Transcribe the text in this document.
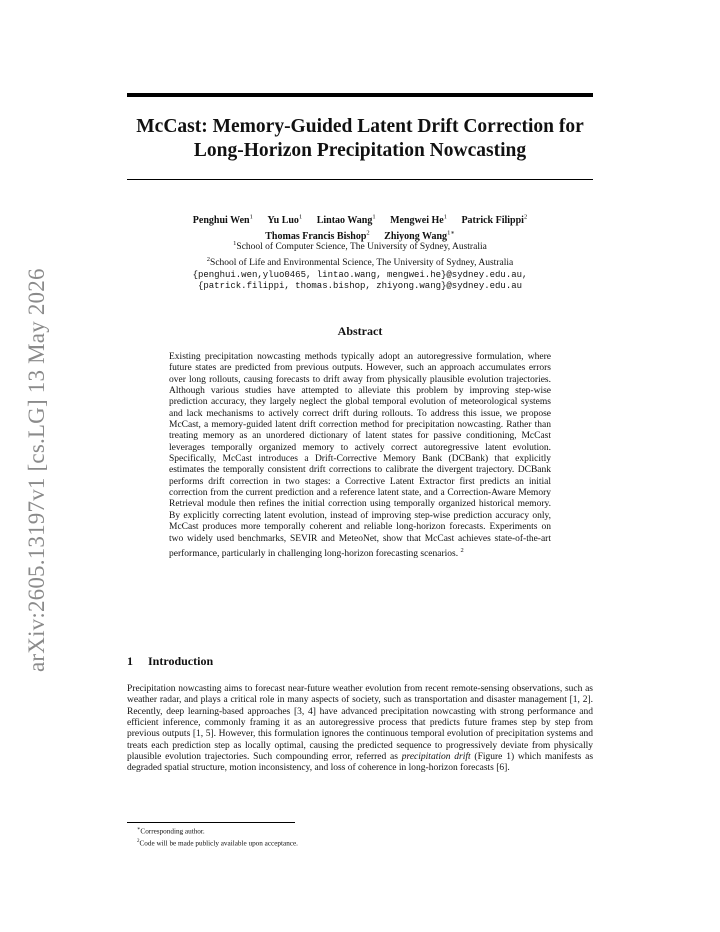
McCast: Memory-Guided Latent Drift Correction for
Long-Horizon Precipitation Nowcasting
arXiv:2605.13197v1 [cs.LG] 13 May 2026
Penghui Wen$^1$ Yu Luo$^1$ Lintao Wang$^1$ Mengwei He$^1$ Patrick Filippi$^2$
Thomas Francis Bishop$^2$ Zhiyong Wang$^{1∗}$
$^1$School of Computer Science, The University of Sydney, Australia
$^2$School of Life and Environmental Science, The University of Sydney, Australia
{penghui.wen,yluo0465, lintao.wang, mengwei.he}@sydney.edu.au,
{patrick.filippi, thomas.bishop, zhiyong.wang}@sydney.edu.au
Abstract

Existing precipitation nowcasting methods typically adopt an autoregressive formulation, where future states are predicted from previous outputs. However, such an approach accumulates errors over long rollouts, causing forecasts to drift away from physically plausible evolution trajectories. Although various studies have attempted to alleviate this problem by improving step-wise prediction accuracy, they largely neglect the global temporal evolution of meteorological systems and lack mechanisms to actively correct drift during rollouts. To address this issue, we propose McCast, a memory-guided latent drift correction method for precipitation nowcasting. Rather than treating memory as an unordered dictionary of latent states for passive conditioning, McCast leverages temporally organized memory to actively correct autoregressive latent evolution. Specifically, McCast introduces a Drift-Corrective Memory Bank (DCBank) that explicitly estimates the temporally consistent drift corrections to calibrate the divergent trajectory. DCBank performs drift correction in two stages: a Corrective Latent Extractor first predicts an initial correction from the current prediction and a reference latent state, and a Correction-Aware Memory Retrieval module then refines the initial correction using temporally organized historical memory. By explicitly correcting latent evolution, instead of improving step-wise prediction accuracy only, McCast produces more temporally coherent and reliable long-horizon forecasts. Experiments on two widely used benchmarks, SEVIR and MeteoNet, show that McCast achieves state-of-the-art performance, particularly in challenging long-horizon forecasting scenarios. $^2$

1 Introduction

Precipitation nowcasting aims to forecast near-future weather evolution from recent remote-sensing observations, such as weather radar, and plays a critical role in many aspects of society, such as transportation and disaster management [1, 2]. Recently, deep learning-based approaches [3, 4] have advanced precipitation nowcasting with strong performance and efficient inference, commonly framing it as an autoregressive process that predicts future frames step by step from previous outputs [1, 5]. However, this formulation ignores the continuous temporal evolution of precipitation systems and treats each prediction step as locally optimal, causing the predicted sequence to progressively deviate from physically plausible evolution trajectories. Such compounding error, referred as precipitation drift (Figure 1) which manifests as degraded spatial structure, motion inconsistency, and loss of coherence in long-horizon forecasts [6].

∗Corresponding author.
$^2$Code will be made publicly available upon acceptance.
